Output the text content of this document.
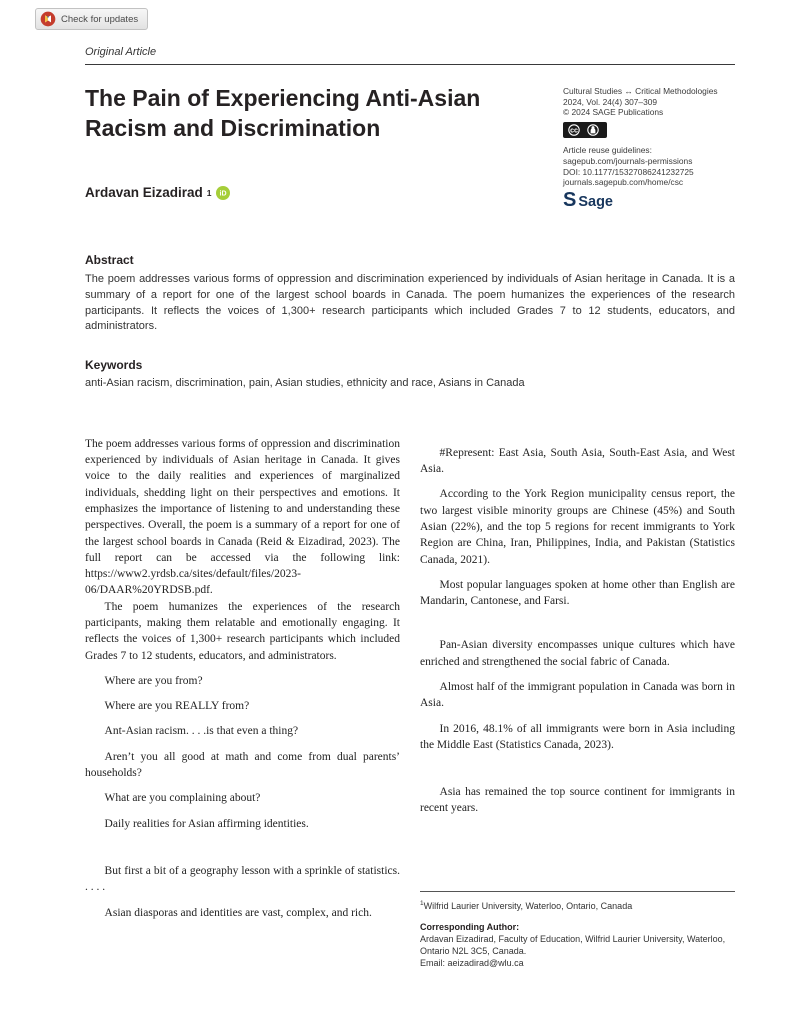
Check for updates
Original Article
The Pain of Experiencing Anti-Asian
Racism and Discrimination
Ardavan Eizadirad 1 iD
Cultural Studies ↔ Critical Methodologies
2024, Vol. 24(4) 307–309
© 2024 SAGE Publications
cc
Article reuse guidelines:
sagepub.com/journals-permissions
DOI: 10.1177/15327086241232725
journals.sagepub.com/home/csc
S Sage
Abstract
The poem addresses various forms of oppression and discrimination experienced by individuals of Asian heritage in Canada. It is a summary of a report for one of the largest school boards in Canada. The poem humanizes the experiences of the research participants. It reflects the voices of 1,300+ research participants which included Grades 7 to 12 students, educators, and administrators.
Keywords
anti-Asian racism, discrimination, pain, Asian studies, ethnicity and race, Asians in Canada

The poem addresses various forms of oppression and discrimination experienced by individuals of Asian heritage in Canada. It gives voice to the daily realities and experiences of marginalized individuals, shedding light on their perspectives and emotions. It emphasizes the importance of listening to and understanding these perspectives. Overall, the poem is a summary of a report for one of the largest school boards in Canada (Reid & Eizadirad, 2023). The full report can be accessed via the following link: https://www2.yrdsb.ca/sites/default/files/2023-06/DAAR%20YRDSB.pdf.

The poem humanizes the experiences of the research participants, making them relatable and emotionally engaging. It reflects the voices of 1,300+ research participants which included Grades 7 to 12 students, educators, and administrators.

Where are you from?

Where are you REALLY from?

Ant-Asian racism. . . .is that even a thing?

Aren’t you all good at math and come from dual parents’ households?

What are you complaining about?

Daily realities for Asian affirming identities.

But first a bit of a geography lesson with a sprinkle of statistics. . . . .

Asian diasporas and identities are vast, complex, and rich.

#Represent: East Asia, South Asia, South-East Asia, and West Asia.

According to the York Region municipality census report, the two largest visible minority groups are Chinese (45%) and South Asian (22%), and the top 5 regions for recent immigrants to York Region are China, Iran, Philippines, India, and Pakistan (Statistics Canada, 2021).

Most popular languages spoken at home other than English are Mandarin, Cantonese, and Farsi.

Pan-Asian diversity encompasses unique cultures which have enriched and strengthened the social fabric of Canada.

Almost half of the immigrant population in Canada was born in Asia.

In 2016, 48.1% of all immigrants were born in Asia including the Middle East (Statistics Canada, 2023).

Asia has remained the top source continent for immigrants in recent years.

$^1$Wilfrid Laurier University, Waterloo, Ontario, Canada

Corresponding Author:

Ardavan Eizadirad, Faculty of Education, Wilfrid Laurier University, Waterloo, Ontario N2L 3C5, Canada.

Email: aeizadirad@wlu.ca
